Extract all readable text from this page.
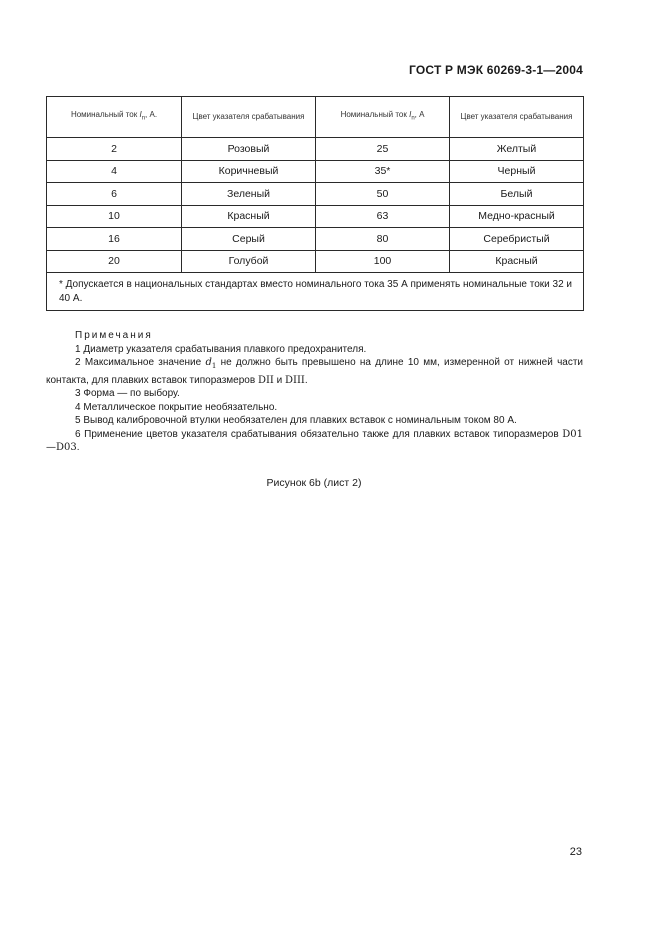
ГОСТ Р МЭК 60269-3-1—2004
Номинальный ток $I_n$, А.	Цвет указателя срабатывания	Номинальный ток $I_n$, А	Цвет указателя срабатывания
2	Розовый	25	Желтый
4	Коричневый	35*	Черный
6	Зеленый	50	Белый
10	Красный	63	Медно-красный
16	Серый	80	Серебристый
20	Голубой	100	Красный
* Допускается в национальных стандартах вместо номинального тока 35 А применять номинальные токи 32 и 40 А.			

Примечания

1 Диаметр указателя срабатывания плавкого предохранителя.

2 Максимальное значение $d_1$ не должно быть превышено на длине 10 мм, измеренной от нижней части контакта, для плавких вставок типоразмеров DII и DIII.

3 Форма — по выбору.

4 Металлическое покрытие необязательно.

5 Вывод калибровочной втулки необязателен для плавких вставок с номинальным током 80 А.

6 Применение цветов указателя срабатывания обязательно также для плавких вставок типоразмеров D01—D03.

Рисунок 6b (лист 2)
23
